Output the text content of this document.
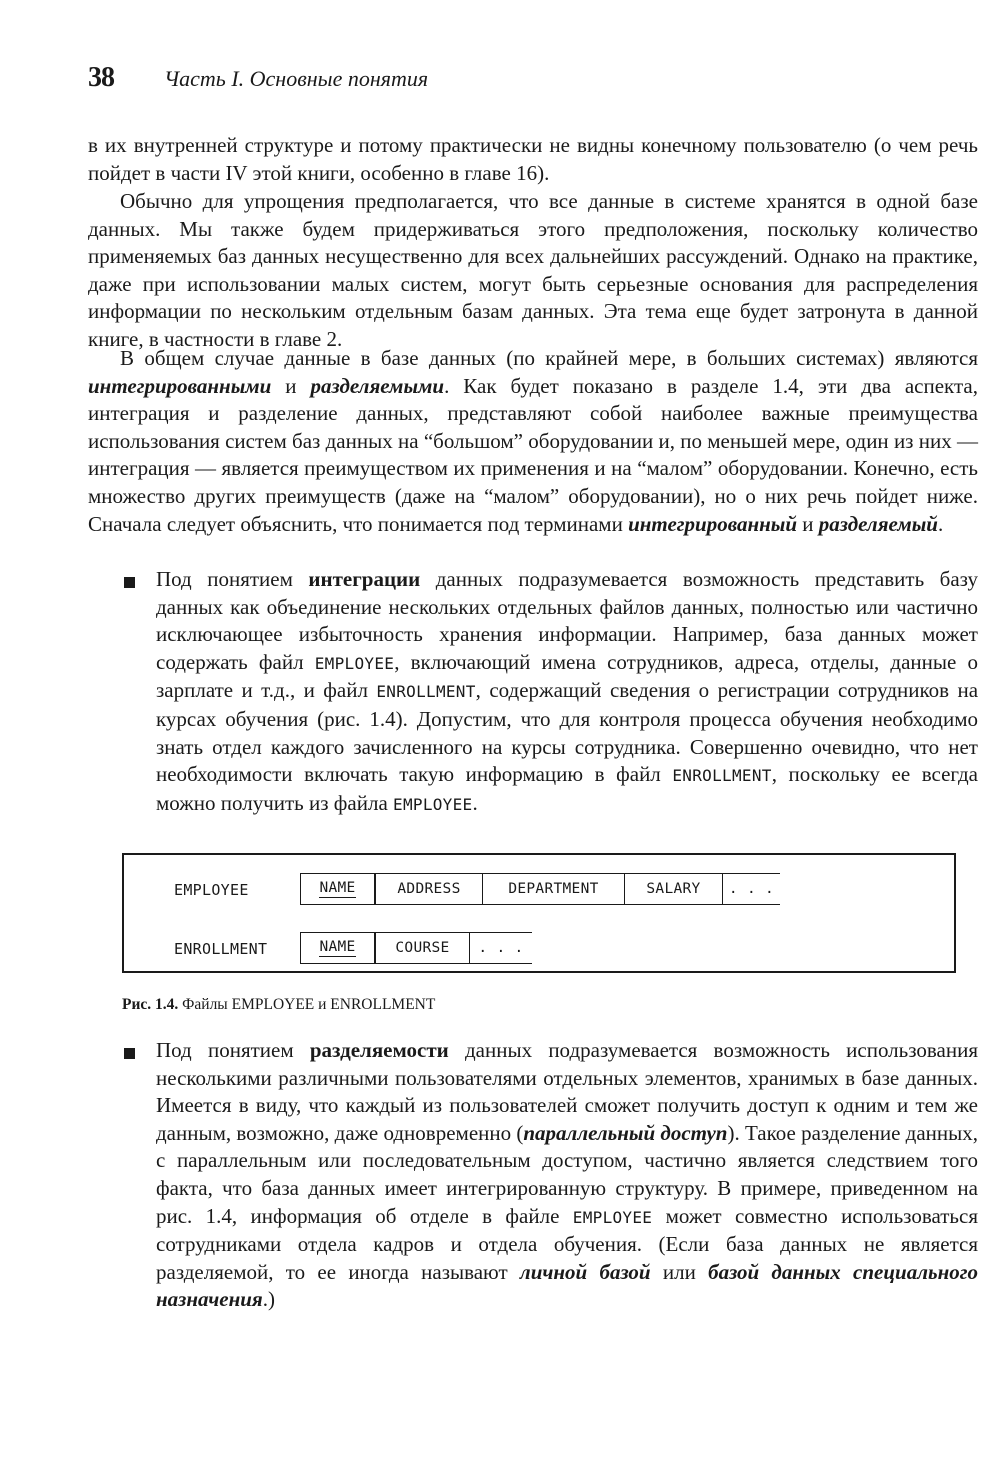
38 Часть I. Основные понятия

в их внутренней структуре и потому практически не видны конечному пользователю (о чем речь пойдет в части IV этой книги, особенно в главе 16).

Обычно для упрощения предполагается, что все данные в системе хранятся в одной базе данных. Мы также будем придерживаться этого предположения, поскольку количество применяемых баз данных несущественно для всех дальнейших рассуждений. Однако на практике, даже при использовании малых систем, могут быть серьезные основания для распределения информации по нескольким отдельным базам данных. Эта тема еще будет затронута в данной книге, в частности в главе 2.

В общем случае данные в базе данных (по крайней мере, в больших системах) являются интегрированными и разделяемыми. Как будет показано в разделе 1.4, эти два аспекта, интеграция и разделение данных, представляют собой наиболее важные преимущества использования систем баз данных на “большом” оборудовании и, по меньшей мере, один из них — интеграция — является преимуществом их применения и на “малом” оборудовании. Конечно, есть множество других преимуществ (даже на “малом” оборудовании), но о них речь пойдет ниже. Сначала следует объяснить, что понимается под терминами интегрированный и разделяемый.

Под понятием интеграции данных подразумевается возможность представить базу данных как объединение нескольких отдельных файлов данных, полностью или частично исключающее избыточность хранения информации. Например, база данных может содержать файл EMPLOYEE, включающий имена сотрудников, адреса, отделы, данные о зарплате и т.д., и файл ENROLLMENT, содержащий сведения о регистрации сотрудников на курсах обучения (рис. 1.4). Допустим, что для контроля процесса обучения необходимо знать отдел каждого зачисленного на курсы сотрудника. Совершенно очевидно, что нет необходимости включать такую информацию в файл ENROLLMENT, поскольку ее всегда можно получить из файла EMPLOYEE.

EMPLOYEE	NAME	ADDRESS	DEPARTMENT	SALARY	. . .
ENROLLMENT	NAME	COURSE	. . .
Рис. 1.4. Файлы EMPLOYEE и ENROLLMENT

Под понятием разделяемости данных подразумевается возможность использования несколькими различными пользователями отдельных элементов, хранимых в базе данных. Имеется в виду, что каждый из пользователей сможет получить доступ к одним и тем же данным, возможно, даже одновременно (параллельный доступ). Такое разделение данных, с параллельным или последовательным доступом, частично является следствием того факта, что база данных имеет интегрированную структуру. В примере, приведенном на рис. 1.4, информация об отделе в файле EMPLOYEE может совместно использоваться сотрудниками отдела кадров и отдела обучения. (Если база данных не является разделяемой, то ее иногда называют личной базой или базой данных специального назначения.)
